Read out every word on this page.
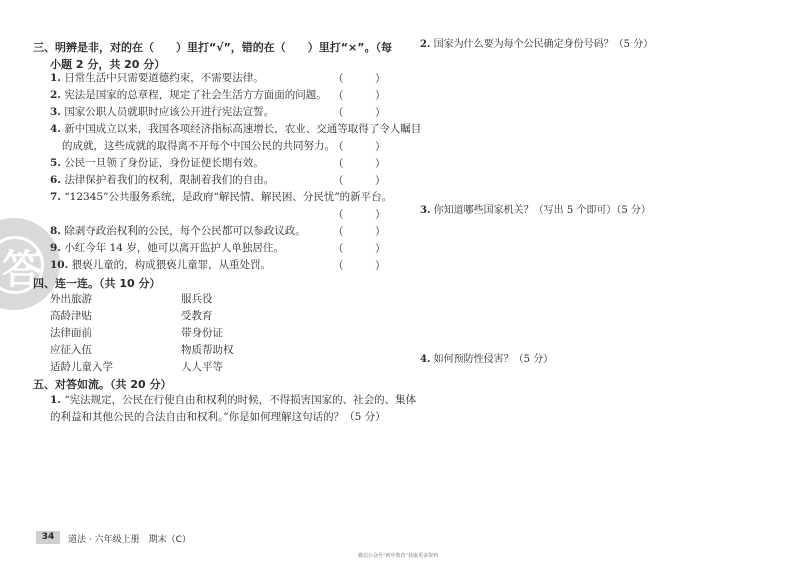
答
三、明辨是非，对的在（　　）里打“√”，错的在（　　）里打“×”。（每
小题 2 分，共 20 分）
1. 日常生活中只需要道德约束，不需要法律。	（　　　）
2. 宪法是国家的总章程，规定了社会生活方方面面的问题。 （　　　）
3. 国家公职人员就职时应该公开进行宪法宣誓。	（　　　）
4. 新中国成立以来，我国各项经济指标高速增长，农业、交通等取得了令人瞩目
的成就，这些成就的取得离不开每个中国公民的共同努力。
（　　　）
5. 公民一旦领了身份证，身份证便长期有效。	（　　　）
6. 法律保护着我们的权利，限制着我们的自由。	（　　　）
7. “12345”公共服务系统，是政府“解民情、解民困、分民忧”的新平台。
（　　　）
8. 除剥夺政治权利的公民，每个公民都可以参政议政。	（　　　）
9. 小红今年 14 岁，她可以离开监护人单独居住。	（　　　）
10. 猥亵儿童的，构成猥亵儿童罪，从重处罚。	（　　　）
四、连一连。（共 10 分）
外出旅游
高龄津贴
法律面前
应征入伍
适龄儿童入学
服兵役
受教育
带身份证
物质帮助权
人人平等
五、对答如流。（共 20 分）
1. “宪法规定，公民在行使自由和权利的时候，不得损害国家的、社会的、集体
的利益和其他公民的合法自由和权利。”你是如何理解这句话的？（5 分）
2. 国家为什么要为每个公民确定身份号码？（5 分）
3. 你知道哪些国家机关？（写出 5 个即可）（5 分）
4. 如何预防性侵害？（5 分）
34	道法 · 六年级上册　期末（C）
微信公众号“初中教育”获取更多资料
